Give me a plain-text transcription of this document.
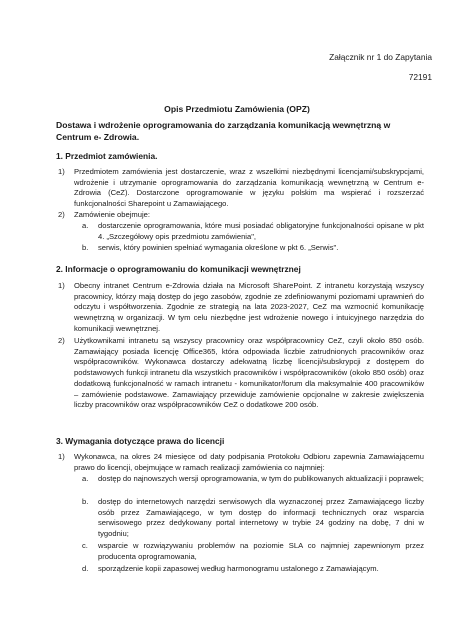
Załącznik nr 1 do Zapytania
72191
Opis Przedmiotu Zamówienia (OPZ)
Dostawa i wdrożenie oprogramowania do zarządzania komunikacją wewnętrzną w Centrum e- Zdrowia.
1. Przedmiot zamówienia.
1) Przedmiotem zamówienia jest dostarczenie, wraz z wszelkimi niezbędnymi licencjami/subskrypcjami, wdrożenie i utrzymanie oprogramowania do zarządzania komunikacją wewnętrzną w Centrum e-Zdrowia (CeZ). Dostarczone oprogramowanie w języku polskim ma wspierać i rozszerzać funkcjonalności Sharepoint u Zamawiającego.
2) Zamówienie obejmuje:
a. dostarczenie oprogramowania, które musi posiadać obligatoryjne funkcjonalności opisane w pkt 4. „Szczegółowy opis przedmiotu zamówienia",
b. serwis, który powinien spełniać wymagania określone w pkt 6. „Serwis".
2. Informacje o oprogramowaniu do komunikacji wewnętrznej
1) Obecny intranet Centrum e-Zdrowia działa na Microsoft SharePoint. Z intranetu korzystają wszyscy pracownicy, którzy mają dostęp do jego zasobów, zgodnie ze zdefiniowanymi poziomami uprawnień do odczytu i współtworzenia. Zgodnie ze strategią na lata 2023-2027, CeZ ma wzmocnić komunikację wewnętrzną w organizacji. W tym celu niezbędne jest wdrożenie nowego i intuicyjnego narzędzia do komunikacji wewnętrznej.
2) Użytkownikami intranetu są wszyscy pracownicy oraz współpracownicy CeZ, czyli około 850 osób. Zamawiający posiada licencję Office365, która odpowiada liczbie zatrudnionych pracowników oraz współpracowników. Wykonawca dostarczy adekwatną liczbę licencji/subskrypcji z dostępem do podstawowych funkcji intranetu dla wszystkich pracowników i współpracowników (około 850 osób) oraz dodatkową funkcjonalność w ramach intranetu - komunikator/forum dla maksymalnie 400 pracowników – zamówienie podstawowe. Zamawiający przewiduje zamówienie opcjonalne w zakresie zwiększenia liczby pracowników oraz współpracowników CeZ o dodatkowe 200 osób.
3. Wymagania dotyczące prawa do licencji
1) Wykonawca, na okres 24 miesięce od daty podpisania Protokołu Odbioru zapewnia Zamawiającemu prawo do licencji, obejmujące w ramach realizacji zamówienia co najmniej:
a. dostęp do najnowszych wersji oprogramowania, w tym do publikowanych aktualizacji i poprawek;
b. dostęp do internetowych narzędzi serwisowych dla wyznaczonej przez Zamawiającego liczby osób przez Zamawiającego, w tym dostęp do informacji technicznych oraz wsparcia serwisowego przez dedykowany portal internetowy w trybie 24 godziny na dobę, 7 dni w tygodniu;
c. wsparcie w rozwiązywaniu problemów na poziomie SLA co najmniej zapewnionym przez producenta oprogramowania,
d. sporządzenie kopii zapasowej według harmonogramu ustalonego z Zamawiającym.
